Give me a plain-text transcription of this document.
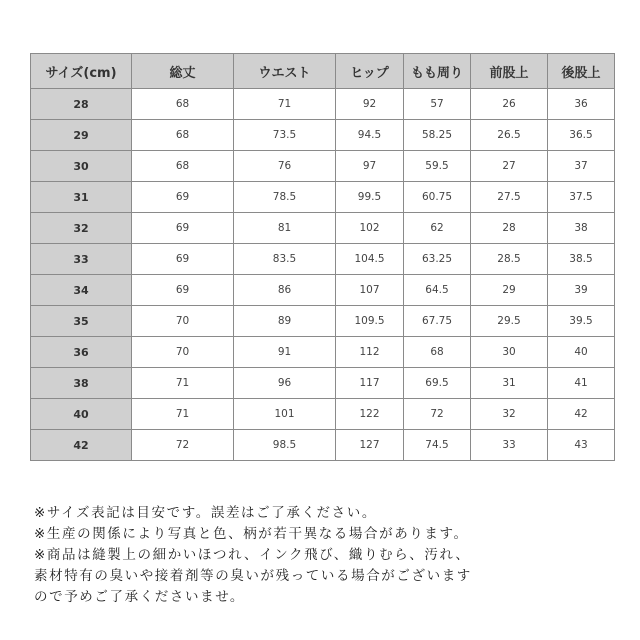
サイズ(cm)	総丈	ウエスト	ヒップ	もも周り	前股上	後股上
28	68	71	92	57	26	36
29	68	73.5	94.5	58.25	26.5	36.5
30	68	76	97	59.5	27	37
31	69	78.5	99.5	60.75	27.5	37.5
32	69	81	102	62	28	38
33	69	83.5	104.5	63.25	28.5	38.5
34	69	86	107	64.5	29	39
35	70	89	109.5	67.75	29.5	39.5
36	70	91	112	68	30	40
38	71	96	117	69.5	31	41
40	71	101	122	72	32	42
42	72	98.5	127	74.5	33	43
※サイズ表記は目安です。誤差はご了承ください。
※生産の関係により写真と色、柄が若干異なる場合があります。
※商品は縫製上の細かいほつれ、インク飛び、織りむら、汚れ、
素材特有の臭いや接着剤等の臭いが残っている場合がございます
ので予めご了承くださいませ。
